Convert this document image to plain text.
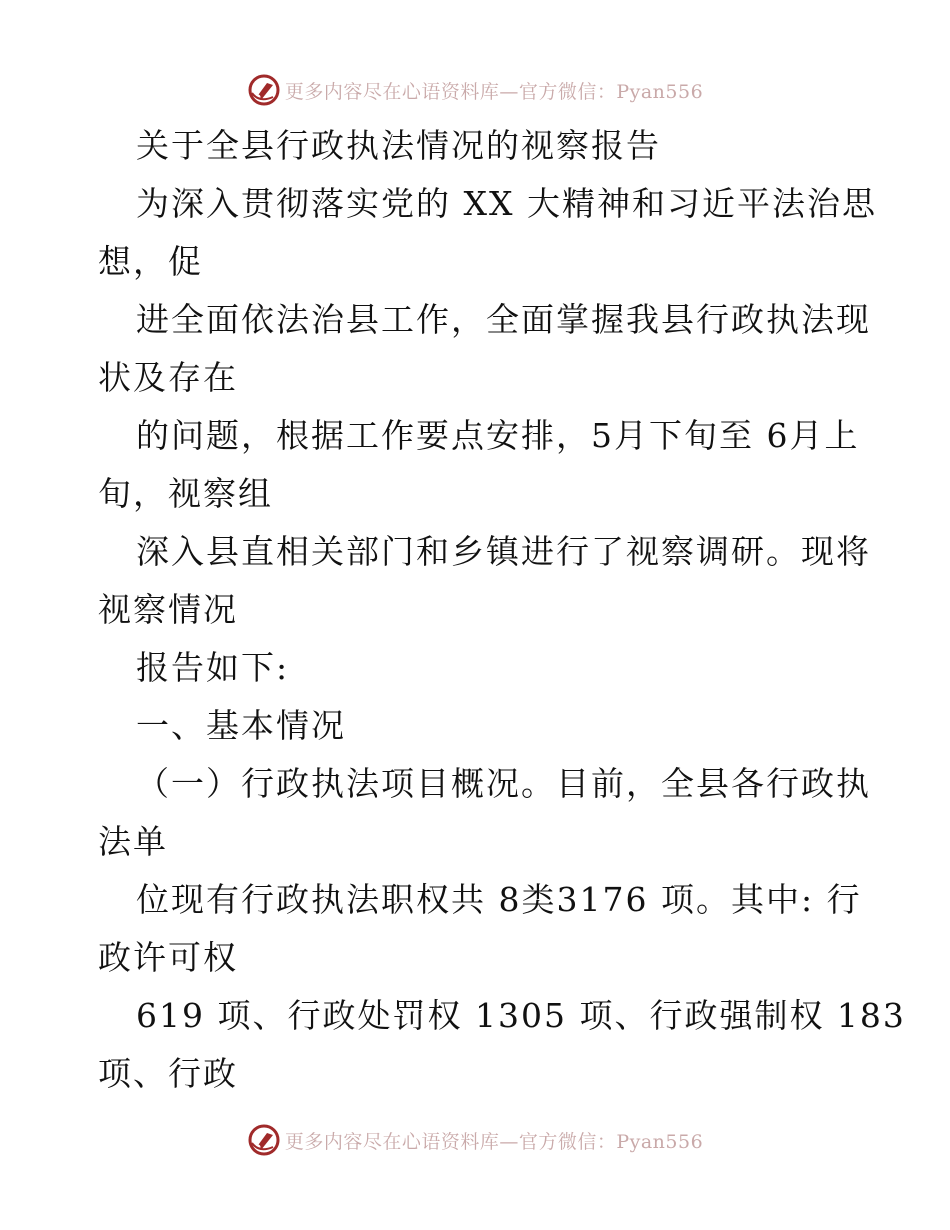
更多内容尽在心语资料库—官方微信：Pyan556
关于全县行政执法情况的视察报告
为深入贯彻落实党的 XX 大精神和习近平法治思
想，促
进全面依法治县工作，全面掌握我县行政执法现
状及存在
的问题，根据工作要点安排，5月下旬至 6月上
旬，视察组
深入县直相关部门和乡镇进行了视察调研。现将
视察情况
报告如下:
一、基本情况
（一）行政执法项目概况。目前，全县各行政执
法单
位现有行政执法职权共 8类3176 项。其中: 行
政许可权
619 项、行政处罚权 1305 项、行政强制权 183
项、行政
更多内容尽在心语资料库—官方微信：Pyan556
